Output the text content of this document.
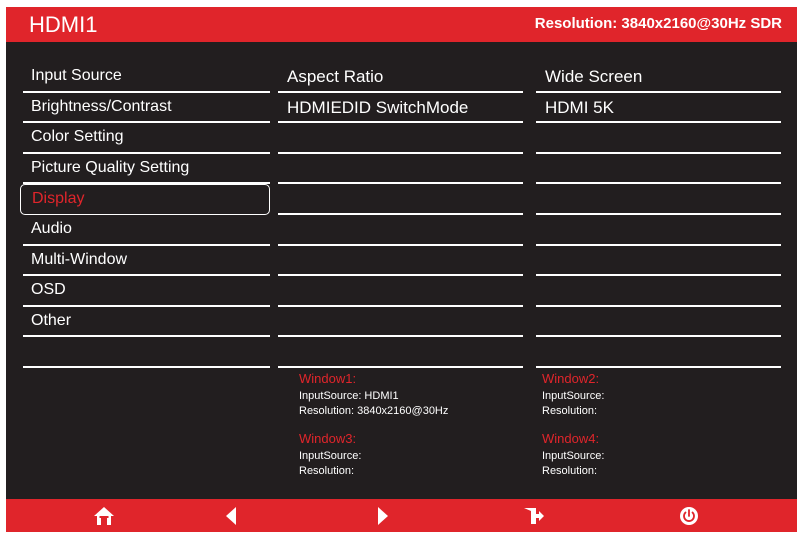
HDMI1	Resolution: 3840x2160@30Hz SDR
Input Source
Brightness/Contrast
Color Setting
Picture Quality Setting
Display
Audio
Multi-Window
OSD
Other
Aspect Ratio
HDMIEDID SwitchMode
Wide Screen
HDMI 5K
Window1:
InputSource: HDMI1
Resolution: 3840x2160@30Hz
Window2:
InputSource:
Resolution:
Window3:
InputSource:
Resolution:
Window4:
InputSource:
Resolution:
